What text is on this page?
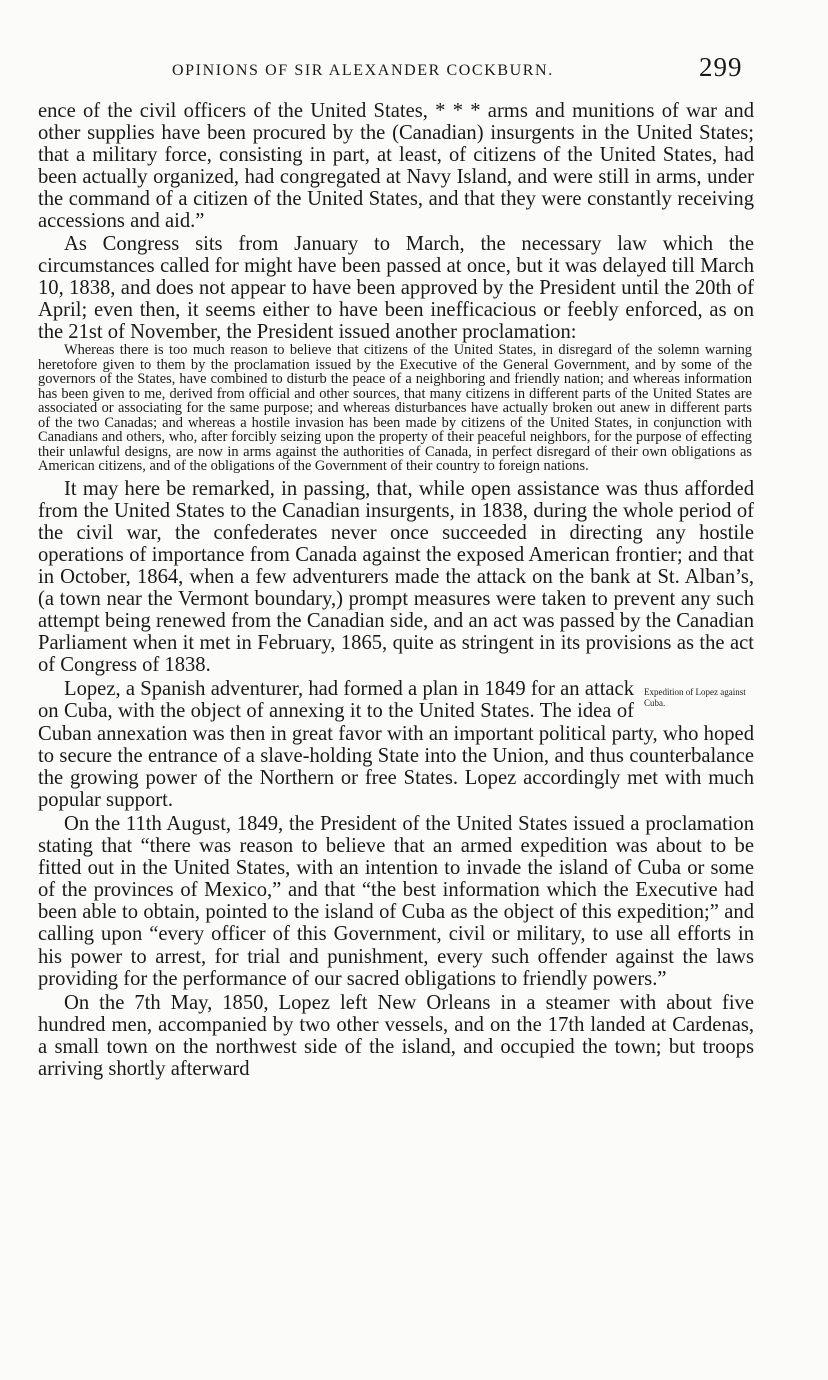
OPINIONS OF SIR ALEXANDER COCKBURN.	299

ence of the civil officers of the United States, * * * arms and munitions of war and other supplies have been procured by the (Canadian) insurgents in the United States; that a military force, consisting in part, at least, of citizens of the United States, had been actually organized, had congregated at Navy Island, and were still in arms, under the command of a citizen of the United States, and that they were constantly receiving accessions and aid.”

As Congress sits from January to March, the necessary law which the circumstances called for might have been passed at once, but it was delayed till March 10, 1838, and does not appear to have been approved by the President until the 20th of April; even then, it seems either to have been inefficacious or feebly enforced, as on the 21st of November, the President issued another proclamation:

Whereas there is too much reason to believe that citizens of the United States, in disregard of the solemn warning heretofore given to them by the proclamation issued by the Executive of the General Government, and by some of the governors of the States, have combined to disturb the peace of a neighboring and friendly nation; and whereas information has been given to me, derived from official and other sources, that many citizens in different parts of the United States are associated or associating for the same purpose; and whereas disturbances have actually broken out anew in different parts of the two Canadas; and whereas a hostile invasion has been made by citizens of the United States, in conjunction with Canadians and others, who, after forcibly seizing upon the property of their peaceful neighbors, for the purpose of effecting their unlawful designs, are now in arms against the authorities of Canada, in perfect disregard of their own obligations as American citizens, and of the obligations of the Government of their country to foreign nations.

It may here be remarked, in passing, that, while open assistance was thus afforded from the United States to the Canadian insurgents, in 1838, during the whole period of the civil war, the confederates never once succeeded in directing any hostile operations of importance from Canada against the exposed American frontier; and that in October, 1864, when a few adventurers made the attack on the bank at St. Alban’s, (a town near the Vermont boundary,) prompt measures were taken to prevent any such attempt being renewed from the Canadian side, and an act was passed by the Canadian Parliament when it met in February, 1865, quite as stringent in its provisions as the act of Congress of 1838.

Expedition of Lopez against Cuba.
Lopez, a Spanish adventurer, had formed a plan in 1849 for an attack on Cuba, with the object of annexing it to the United States. The idea of Cuban annexation was then in great favor with an important political party, who hoped to secure the entrance of a slave-holding State into the Union, and thus counterbalance the growing power of the Northern or free States. Lopez accordingly met with much popular support.

On the 11th August, 1849, the President of the United States issued a proclamation stating that “there was reason to believe that an armed expedition was about to be fitted out in the United States, with an intention to invade the island of Cuba or some of the provinces of Mexico,” and that “the best information which the Executive had been able to obtain, pointed to the island of Cuba as the object of this expedition;” and calling upon “every officer of this Government, civil or military, to use all efforts in his power to arrest, for trial and punishment, every such offender against the laws providing for the performance of our sacred obligations to friendly powers.”

On the 7th May, 1850, Lopez left New Orleans in a steamer with about five hundred men, accompanied by two other vessels, and on the 17th landed at Cardenas, a small town on the northwest side of the island, and occupied the town; but troops arriving shortly afterward
